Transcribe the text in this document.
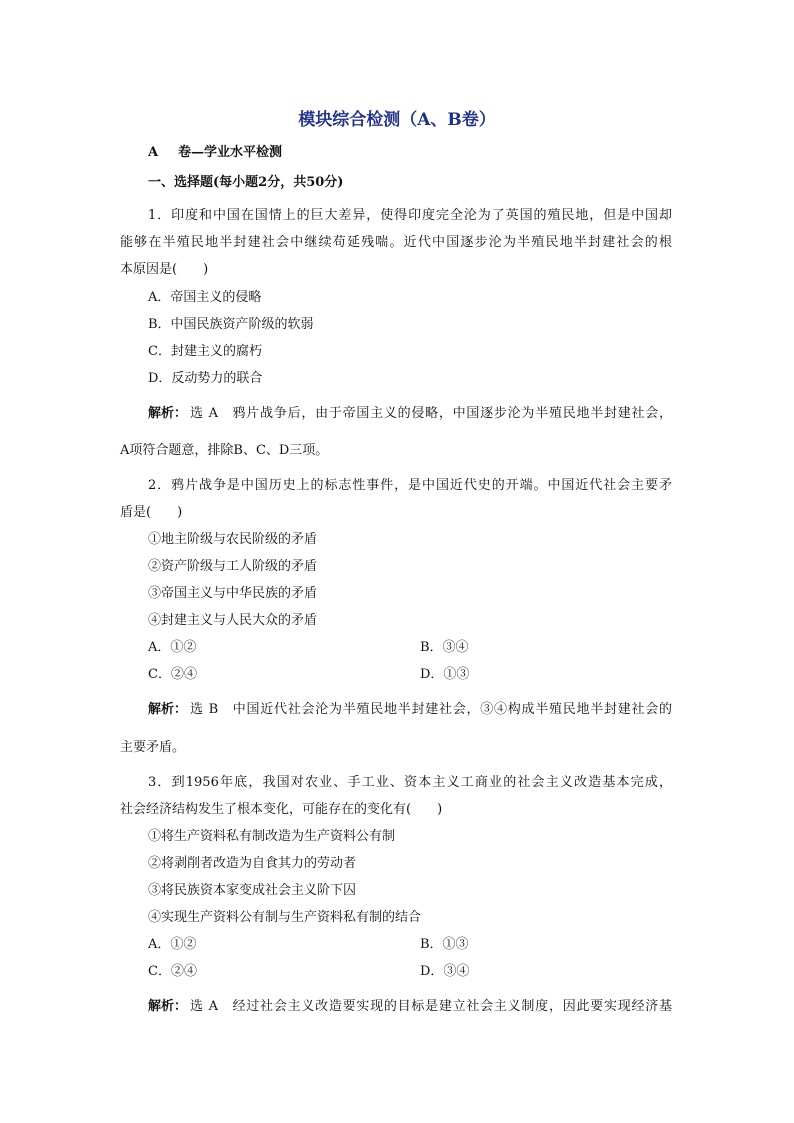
模块综合检测（A、B卷）
A 卷—学业水平检测
一、选择题(每小题2分，共50分)
1．印度和中国在国情上的巨大差异，使得印度完全沦为了英国的殖民地，但是中国却
能够在半殖民地半封建社会中继续苟延残喘。近代中国逐步沦为半殖民地半封建社会的根
本原因是(　　)
A．帝国主义的侵略
B．中国民族资产阶级的软弱
C．封建主义的腐朽
D．反动势力的联合
解析： 选 A　鸦片战争后，由于帝国主义的侵略，中国逐步沦为半殖民地半封建社会，
A项符合题意，排除B、C、D三项。
2．鸦片战争是中国历史上的标志性事件，是中国近代史的开端。中国近代社会主要矛
盾是(　　)
①地主阶级与农民阶级的矛盾
②资产阶级与工人阶级的矛盾
③帝国主义与中华民族的矛盾
④封建主义与人民大众的矛盾
A．①②	B．③④
C．②④	D．①③
解析： 选 B　中国近代社会沦为半殖民地半封建社会，③④构成半殖民地半封建社会的
主要矛盾。
3．到1956年底，我国对农业、手工业、资本主义工商业的社会主义改造基本完成，
社会经济结构发生了根本变化，可能存在的变化有(　　)
①将生产资料私有制改造为生产资料公有制
②将剥削者改造为自食其力的劳动者
③将民族资本家变成社会主义阶下囚
④实现生产资料公有制与生产资料私有制的结合
A．①②	B．①③
C．②④	D．③④
解析： 选 A　经过社会主义改造要实现的目标是建立社会主义制度，因此要实现经济基
